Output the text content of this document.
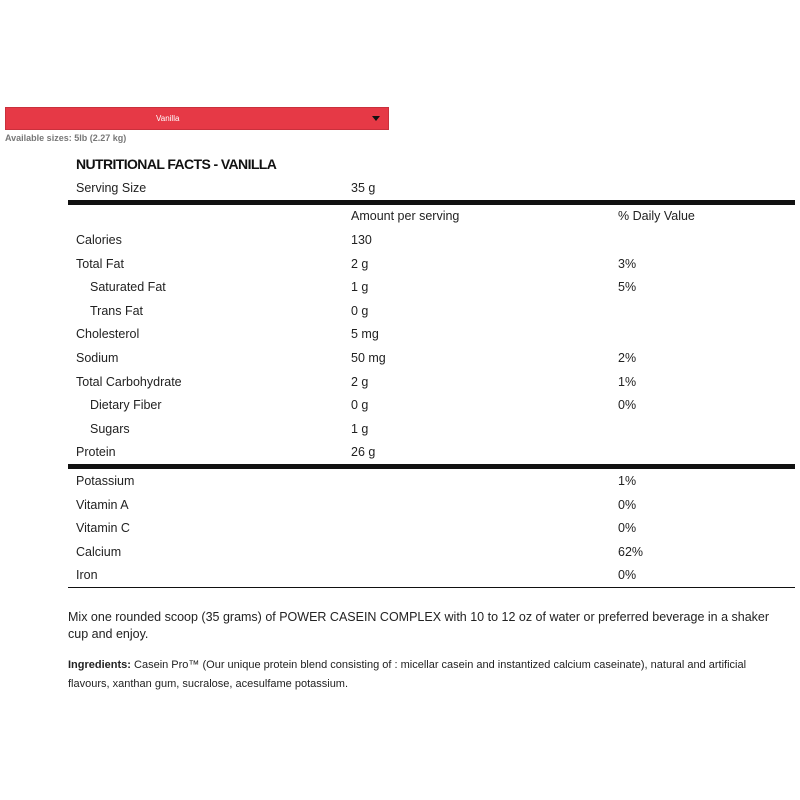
Vanilla
Available sizes: 5lb (2.27 kg)
NUTRITIONAL FACTS - VANILLA
Serving Size	35 g	
	Amount per serving	% Daily Value
Calories	130	
Total Fat	2 g	3%
Saturated Fat	1 g	5%
Trans Fat	0 g	
Cholesterol	5 mg	
Sodium	50 mg	2%
Total Carbohydrate	2 g	1%
Dietary Fiber	0 g	0%
Sugars	1 g	
Protein	26 g	
Potassium		1%
Vitamin A		0%
Vitamin C		0%
Calcium		62%
Iron		0%
Mix one rounded scoop (35 grams) of POWER CASEIN COMPLEX with 10 to 12 oz of water or preferred beverage in a shaker cup and enjoy.
Ingredients: Casein Pro™ (Our unique protein blend consisting of : micellar casein and instantized calcium caseinate), natural and artificial flavours, xanthan gum, sucralose, acesulfame potassium.
